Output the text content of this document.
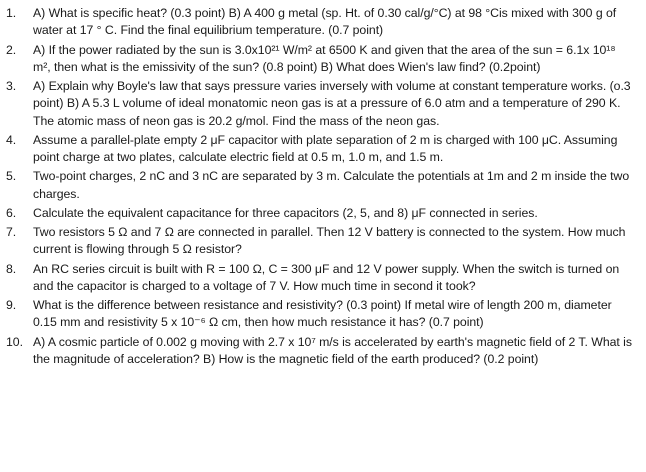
1.	A) What is specific heat? (0.3 point) B) A 400 g metal (sp. Ht. of 0.30 cal/g/°C) at 98 °Cis mixed with 300 g of water at 17 ° C. Find the final equilibrium temperature. (0.7 point)
2.	A) If the power radiated by the sun is 3.0x10²¹ W/m² at 6500 K and given that the area of the sun = 6.1x 10¹⁸ m², then what is the emissivity of the sun? (0.8 point) B) What does Wien's law find? (0.2point)
3.	A) Explain why Boyle's law that says pressure varies inversely with volume at constant temperature works. (o.3 point) B) A 5.3 L volume of ideal monatomic neon gas is at a pressure of 6.0 atm and a temperature of 290 K. The atomic mass of neon gas is 20.2 g/mol. Find the mass of the neon gas.
4.	Assume a parallel-plate empty 2 μF capacitor with plate separation of 2 m is charged with 100 μC. Assuming point charge at two plates, calculate electric field at 0.5 m, 1.0 m, and 1.5 m.
5.	Two-point charges, 2 nC and 3 nC are separated by 3 m. Calculate the potentials at 1m and 2 m inside the two charges.
6.	Calculate the equivalent capacitance for three capacitors (2, 5, and 8) μF connected in series.
7.	Two resistors 5 Ω and 7 Ω are connected in parallel. Then 12 V battery is connected to the system. How much current is flowing through 5 Ω resistor?
8.	An RC series circuit is built with R = 100 Ω, C = 300 μF and 12 V power supply. When the switch is turned on and the capacitor is charged to a voltage of 7 V. How much time in second it took?
9.	What is the difference between resistance and resistivity? (0.3 point) If metal wire of length 200 m, diameter 0.15 mm and resistivity 5 x 10⁻⁶ Ω cm, then how much resistance it has? (0.7 point)
10. A) A cosmic particle of 0.002 g moving with 2.7 x 10⁷ m/s is accelerated by earth's magnetic field of 2 T. What is the magnitude of acceleration? B) How is the magnetic field of the earth produced? (0.2 point)
